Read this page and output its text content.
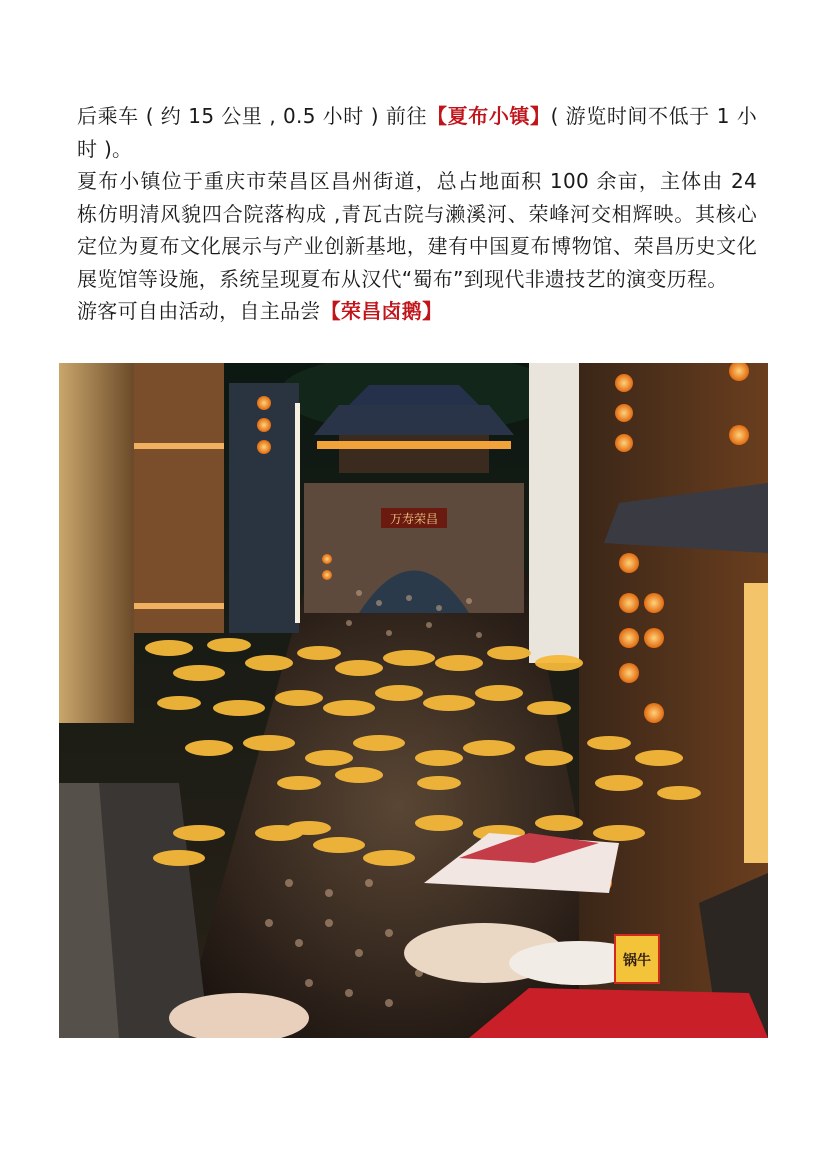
后乘车 ( 约 15 公里 , 0.5 小时 ) 前往【夏布小镇】( 游览时间不低于 1 小时 )。

夏布小镇位于重庆市荣昌区昌州街道，总占地面积 100 余亩，主体由 24 栋仿明清风貌四合院落构成 ,青瓦古院与濑溪河、荣峰河交相辉映。其核心定位为夏布文化展示与产业创新基地，建有中国夏布博物馆、荣昌历史文化展览馆等设施，系统呈现夏布从汉代“蜀布”到现代非遗技艺的演变历程。

游客可自由活动，自主品尝【荣昌卤鹅】

万寿荣昌
锅牛
